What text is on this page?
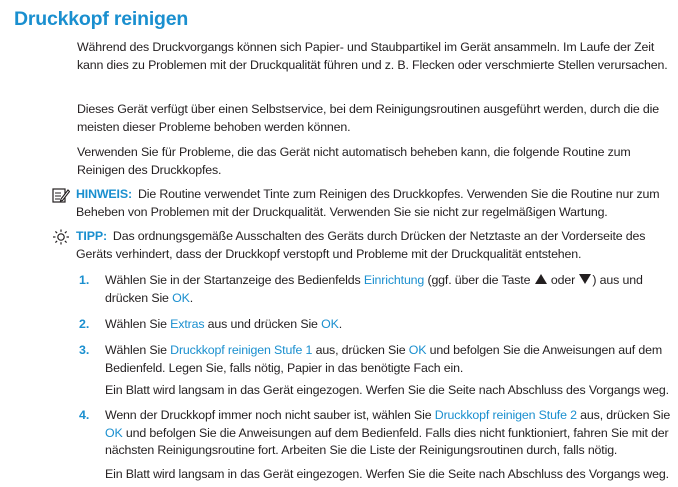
Druckkopf reinigen

Während des Druckvorgangs können sich Papier- und Staubpartikel im Gerät ansammeln. Im Laufe der Zeit kann dies zu Problemen mit der Druckqualität führen und z. B. Flecken oder verschmierte Stellen verursachen.

Dieses Gerät verfügt über einen Selbstservice, bei dem Reinigungsroutinen ausgeführt werden, durch die die meisten dieser Probleme behoben werden können.

Verwenden Sie für Probleme, die das Gerät nicht automatisch beheben kann, die folgende Routine zum Reinigen des Druckkopfes.

HINWEIS: Die Routine verwendet Tinte zum Reinigen des Druckkopfes. Verwenden Sie die Routine nur zum Beheben von Problemen mit der Druckqualität. Verwenden Sie sie nicht zur regelmäßigen Wartung.
TIPP: Das ordnungsgemäße Ausschalten des Geräts durch Drücken der Netztaste an der Vorderseite des Geräts verhindert, dass der Druckkopf verstopft und Probleme mit der Druckqualität entstehen.
1. Wählen Sie in der Startanzeige des Bedienfelds Einrichtung (ggf. über die Taste  oder ) aus und drücken Sie OK.

2. Wählen Sie Extras aus und drücken Sie OK.

3. Wählen Sie Druckkopf reinigen Stufe 1 aus, drücken Sie OK und befolgen Sie die Anweisungen auf dem Bedienfeld. Legen Sie, falls nötig, Papier in das benötigte Fach ein.

Ein Blatt wird langsam in das Gerät eingezogen. Werfen Sie die Seite nach Abschluss des Vorgangs weg.

4. Wenn der Druckkopf immer noch nicht sauber ist, wählen Sie Druckkopf reinigen Stufe 2 aus, drücken Sie OK und befolgen Sie die Anweisungen auf dem Bedienfeld. Falls dies nicht funktioniert, fahren Sie mit der nächsten Reinigungsroutine fort. Arbeiten Sie die Liste der Reinigungsroutinen durch, falls nötig.

Ein Blatt wird langsam in das Gerät eingezogen. Werfen Sie die Seite nach Abschluss des Vorgangs weg.
